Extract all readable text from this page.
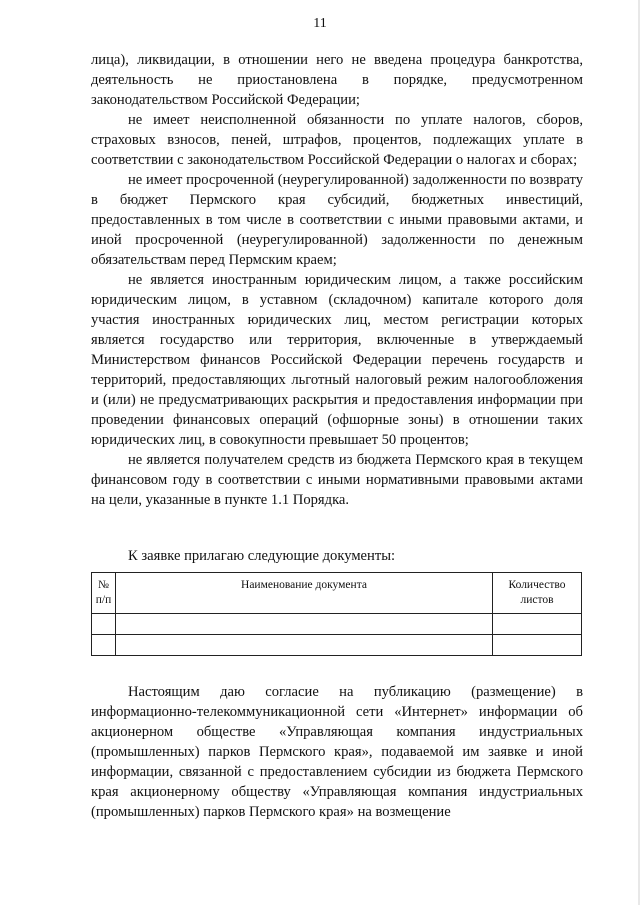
11

лица), ликвидации, в отношении него не введена процедура банкротства, деятельность не приостановлена в порядке, предусмотренном законодательством Российской Федерации;

не имеет неисполненной обязанности по уплате налогов, сборов, страховых взносов, пеней, штрафов, процентов, подлежащих уплате в соответствии с законодательством Российской Федерации о налогах и сборах;

не имеет просроченной (неурегулированной) задолженности по возврату в бюджет Пермского края субсидий, бюджетных инвестиций, предоставленных в том числе в соответствии с иными правовыми актами, и иной просроченной (неурегулированной) задолженности по денежным обязательствам перед Пермским краем;

не является иностранным юридическим лицом, а также российским юридическим лицом, в уставном (складочном) капитале которого доля участия иностранных юридических лиц, местом регистрации которых является государство или территория, включенные в утверждаемый Министерством финансов Российской Федерации перечень государств и территорий, предоставляющих льготный налоговый режим налогообложения и (или) не предусматривающих раскрытия и предоставления информации при проведении финансовых операций (офшорные зоны) в отношении таких юридических лиц, в совокупности превышает 50 процентов;

не является получателем средств из бюджета Пермского края в текущем финансовом году в соответствии с иными нормативными правовыми актами на цели, указанные в пункте 1.1 Порядка.

К заявке прилагаю следующие документы:
№ п/п	Наименование документа	Количество листов

Настоящим даю согласие на публикацию (размещение) в информационно-телекоммуникационной сети «Интернет» информации об акционерном обществе «Управляющая компания индустриальных (промышленных) парков Пермского края», подаваемой им заявке и иной информации, связанной с предоставлением субсидии из бюджета Пермского края акционерному обществу «Управляющая компания индустриальных (промышленных) парков Пермского края» на возмещение
